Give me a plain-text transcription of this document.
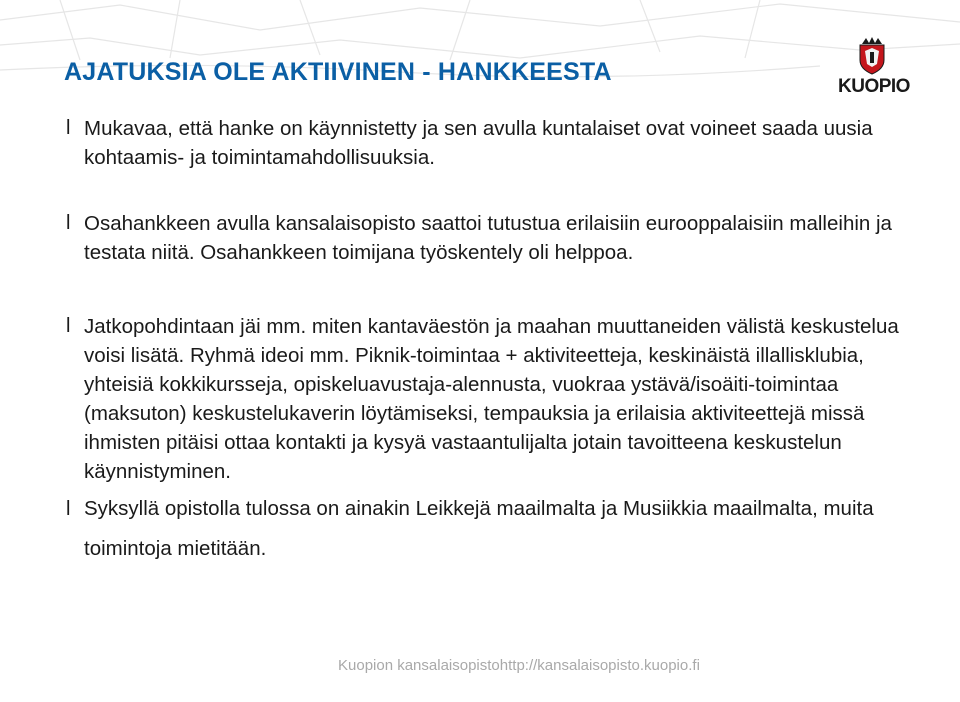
AJATUKSIA OLE AKTIIVINEN - HANKKEESTA
KUOPIO
l Mukavaa, että hanke on käynnistetty ja sen avulla kuntalaiset ovat voineet saada uusia kohtaamis- ja toimintamahdollisuuksia.
l Osahankkeen avulla kansalaisopisto saattoi tutustua erilaisiin eurooppalaisiin malleihin ja testata niitä. Osahankkeen toimijana työskentely oli helppoa.
l Jatkopohdintaan jäi mm. miten kantaväestön ja maahan muuttaneiden välistä keskustelua voisi lisätä. Ryhmä ideoi mm. Piknik-toimintaa + aktiviteetteja, keskinäistä illallisklubia, yhteisiä kokkikursseja, opiskeluavustaja-alennusta, vuokraa ystävä/isoäiti-toimintaa (maksuton) keskustelukaverin löytämiseksi, tempauksia ja erilaisia aktiviteettejä missä ihmisten pitäisi ottaa kontakti ja kysyä vastaantulijalta jotain tavoitteena keskustelun käynnistyminen.
l Syksyllä opistolla tulossa on ainakin Leikkejä maailmalta ja Musiikkia maailmalta, muita toimintoja mietitään.
Kuopion kansalaisopistohttp://kansalaisopisto.kuopio.fi
